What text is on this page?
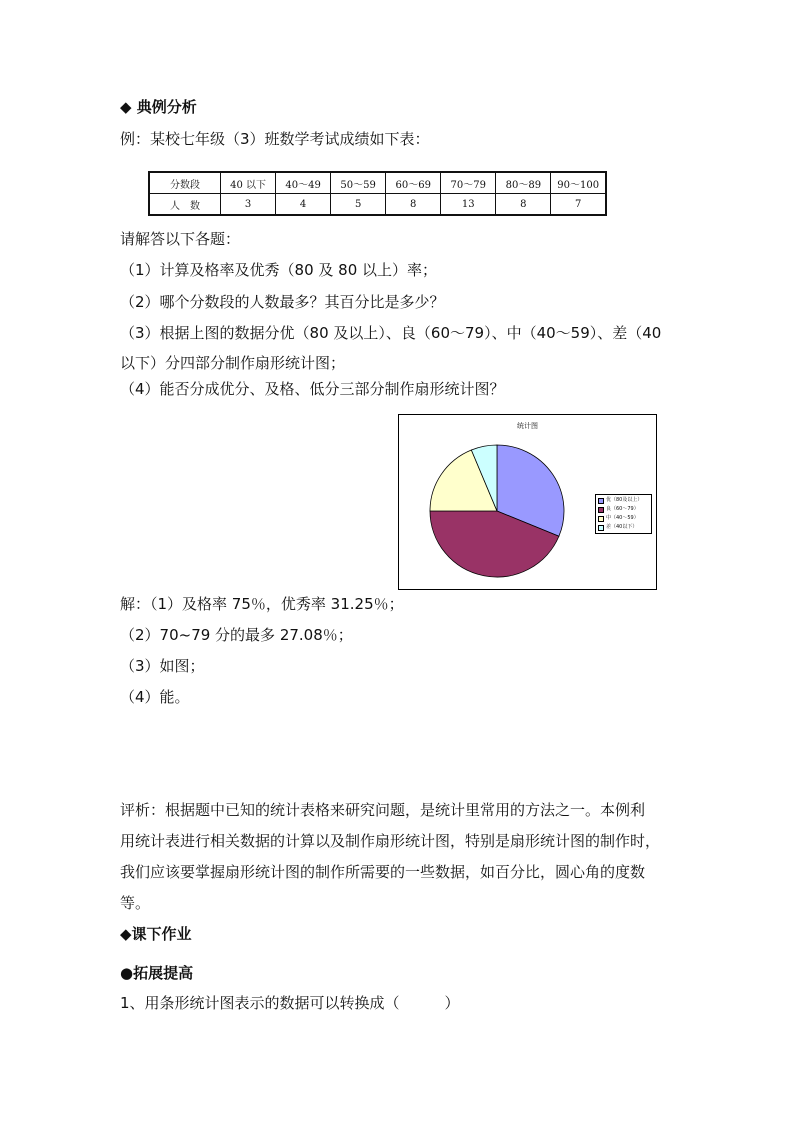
◆ 典例分析
例：某校七年级（3）班数学考试成绩如下表：
分数段	40 以下	40～49	50～59	60～69	70～79	80～89	90～100
人　数	3	4	5	8	13	8	7
请解答以下各题：
（1）计算及格率及优秀（80 及 80 以上）率；
（2）哪个分数段的人数最多？其百分比是多少？
（3）根据上图的数据分优（80 及以上）、良（60～79）、中（40～59）、差（40
以下）分四部分制作扇形统计图；
（4）能否分成优分、及格、低分三部分制作扇形统计图？
统计图
优（80及以上）
良（60～79）
中（40～59）
差（40以下）
解：（1）及格率 75％，优秀率 31.25％；
（2）70~79 分的最多 27.08％；
（3）如图；
（4）能。
评析：根据题中已知的统计表格来研究问题，是统计里常用的方法之一。本例利
用统计表进行相关数据的计算以及制作扇形统计图，特别是扇形统计图的制作时，
我们应该要掌握扇形统计图的制作所需要的一些数据，如百分比，圆心角的度数
等。
◆课下作业
●拓展提高
1、用条形统计图表示的数据可以转换成（　　　）
